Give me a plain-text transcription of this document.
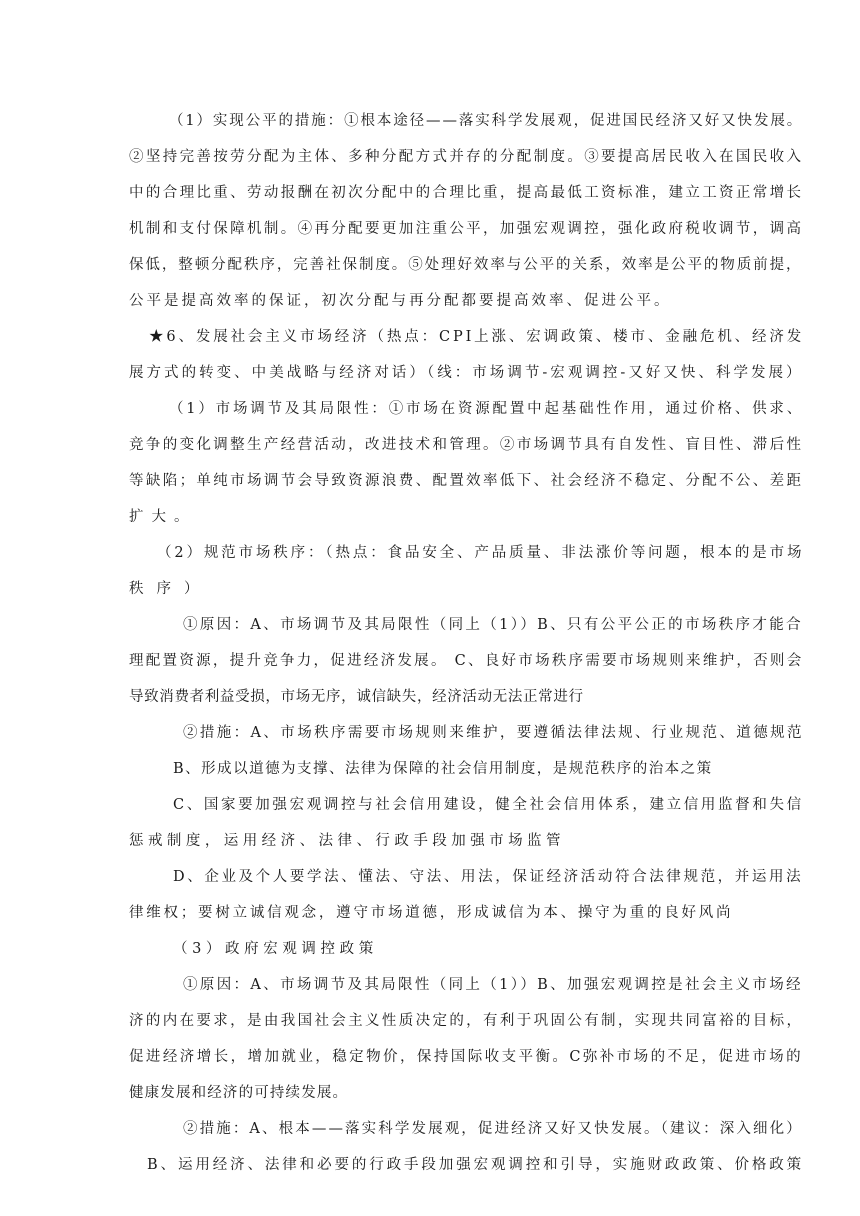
（1）实现公平的措施：①根本途径——落实科学发展观，促进国民经济又好又快发展。
②坚持完善按劳分配为主体、多种分配方式并存的分配制度。③要提高居民收入在国民收入
中的合理比重、劳动报酬在初次分配中的合理比重，提高最低工资标准，建立工资正常增长
机制和支付保障机制。④再分配要更加注重公平，加强宏观调控，强化政府税收调节，调高
保低，整顿分配秩序，完善社保制度。⑤处理好效率与公平的关系，效率是公平的物质前提，
公平是提高效率的保证，初次分配与再分配都要提高效率、促进公平。
★6、发展社会主义市场经济（热点：CPI上涨、宏调政策、楼市、金融危机、经济发
展方式的转变、中美战略与经济对话）（线：市场调节-宏观调控-又好又快、科学发展）
（1）市场调节及其局限性：①市场在资源配置中起基础性作用，通过价格、供求、
竞争的变化调整生产经营活动，改进技术和管理。②市场调节具有自发性、盲目性、滞后性
等缺陷；单纯市场调节会导致资源浪费、配置效率低下、社会经济不稳定、分配不公、差距
扩大。
（2）规范市场秩序：（热点：食品安全、产品质量、非法涨价等问题，根本的是市场
秩序）
①原因：A、市场调节及其局限性（同上（1））B、只有公平公正的市场秩序才能合
理配置资源，提升竞争力，促进经济发展。 C、良好市场秩序需要市场规则来维护，否则会
导致消费者利益受损，市场无序，诚信缺失，经济活动无法正常进行
②措施：A、市场秩序需要市场规则来维护，要遵循法律法规、行业规范、道德规范
B、形成以道德为支撑、法律为保障的社会信用制度，是规范秩序的治本之策
C、国家要加强宏观调控与社会信用建设，健全社会信用体系，建立信用监督和失信
惩戒制度，运用经济、法律、行政手段加强市场监管
D、企业及个人要学法、懂法、守法、用法，保证经济活动符合法律规范，并运用法
律维权；要树立诚信观念，遵守市场道德，形成诚信为本、操守为重的良好风尚
（3）政府宏观调控政策
①原因：A、市场调节及其局限性（同上（1））B、加强宏观调控是社会主义市场经
济的内在要求，是由我国社会主义性质决定的，有利于巩固公有制，实现共同富裕的目标，
促进经济增长，增加就业，稳定物价，保持国际收支平衡。C弥补市场的不足，促进市场的
健康发展和经济的可持续发展。
②措施：A、根本——落实科学发展观，促进经济又好又快发展。（建议：深入细化）
B、运用经济、法律和必要的行政手段加强宏观调控和引导，实施财政政策、价格政策
